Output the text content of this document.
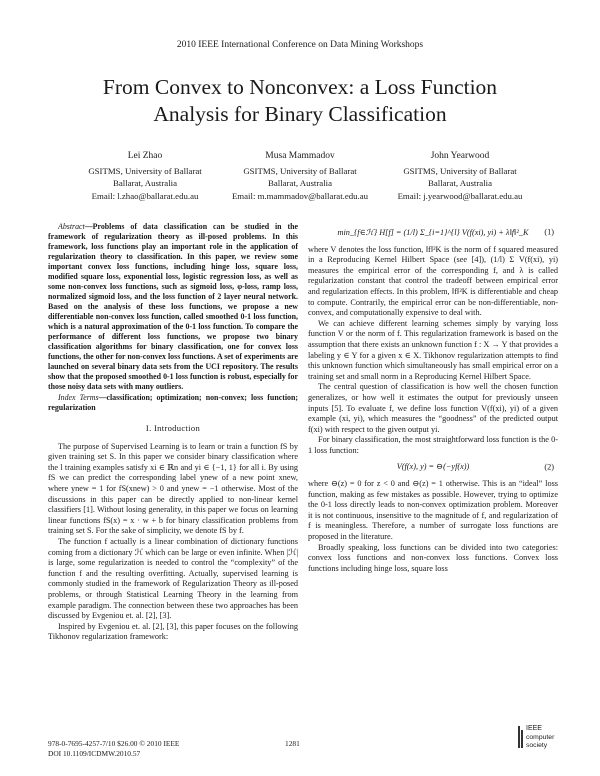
2010 IEEE International Conference on Data Mining Workshops
From Convex to Nonconvex: a Loss Function
Analysis for Binary Classification
Lei Zhao
GSITMS, University of Ballarat
Ballarat, Australia
Email: l.zhao@ballarat.edu.au
Musa Mammadov
GSITMS, University of Ballarat
Ballarat, Australia
Email: m.mammadov@ballarat.edu.au
John Yearwood
GSITMS, University of Ballarat
Ballarat, Australia
Email: j.yearwood@ballarat.edu.au

Abstract—Problems of data classification can be studied in the framework of regularization theory as ill-posed problems. In this framework, loss functions play an important role in the application of regularization theory to classification. In this paper, we review some important convex loss functions, including hinge loss, square loss, modified square loss, exponential loss, logistic regression loss, as well as some non-convex loss functions, such as sigmoid loss, φ-loss, ramp loss, normalized sigmoid loss, and the loss function of 2 layer neural network. Based on the analysis of these loss functions, we propose a new differentiable non-convex loss function, called smoothed 0-1 loss function, which is a natural approximation of the 0-1 loss function. To compare the performance of different loss functions, we propose two binary classification algorithms for binary classification, one for convex loss functions, the other for non-convex loss functions. A set of experiments are launched on several binary data sets from the UCI repository. The results show that the proposed smoothed 0-1 loss function is robust, especially for those noisy data sets with many outliers.

Index Terms—classification; optimization; non-convex; loss function; regularization

I. Introduction

The purpose of Supervised Learning is to learn or train a function fS by given training set S. In this paper we consider binary classification where the l training examples satisfy xi ∈ ℝn and yi ∈ {−1, 1} for all i. By using fS we can predict the corresponding label ynew of a new point xnew, where ynew = 1 for fS(xnew) > 0 and ynew = −1 otherwise. Most of the discussions in this paper can be directly applied to non-linear kernel classifiers [1]. Without losing generality, in this paper we focus on learning linear functions fS(x) = x · w + b for binary classification problems from training set S. For the sake of simplicity, we denote fS by f.

The function f actually is a linear combination of dictionary functions coming from a dictionary ℋ which can be large or even infinite. When |ℋ| is large, some regularization is needed to control the “complexity” of the function f and the resulting overfitting. Actually, supervised learning is commonly studied in the framework of Regularization Theory as ill-posed problems, or through Statistical Learning Theory in the learning from example paradigm. The connection between these two approaches has been discussed by Evgeniou et. al. [2], [3].

Inspired by Evgeniou et. al. [2], [3], this paper focuses on the following Tikhonov regularization framework:

min_{f∈ℋ} H[f] = (1/l) Σ_{i=1}^{l} V(f(xi), yi) + λ‖f‖²_K (1)

where V denotes the loss function, ‖f‖²K is the norm of f squared measured in a Reproducing Kernel Hilbert Space (see [4]), (1/l) Σ V(f(xi), yi) measures the empirical error of the corresponding f, and λ is called regularization constant that control the tradeoff between empirical error and regularization effects. In this problem, ‖f‖²K is differentiable and cheap to compute. Contrarily, the empirical error can be non-differentiable, non-convex, and computationally expensive to deal with.

We can achieve different learning schemes simply by varying loss function V or the norm of f. This regularization framework is based on the assumption that there exists an unknown function f : X → Y that provides a labeling y ∈ Y for a given x ∈ X. Tikhonov regularization attempts to find this unknown function which simultaneously has small empirical error on a training set and small norm in a Reproducing Kernel Hilbert Space.

The central question of classification is how well the chosen function generalizes, or how well it estimates the output for previously unseen inputs [5]. To evaluate f, we define loss function V(f(xi), yi) of a given example (xi, yi), which measures the “goodness” of the predicted output f(xi) with respect to the given output yi.

For binary classification, the most straightforward loss function is the 0-1 loss function:

V(f(x), y) = ⊖(−yf(x))	(2)

where ⊖(z) = 0 for z < 0 and ⊖(z) = 1 otherwise. This is an “ideal” loss function, making as few mistakes as possible. However, trying to optimize the 0-1 loss directly leads to non-convex optimization problem. Moreover it is not continuous, insensitive to the magnitude of f, and regularization of f is meaningless. Therefore, a number of surrogate loss functions are proposed in the literature.

Broadly speaking, loss functions can be divided into two categories: convex loss functions and non-convex loss functions. Convex loss functions including hinge loss, square loss

978-0-7695-4257-7/10 $26.00 © 2010 IEEE
DOI 10.1109/ICDMW.2010.57
1281
IEEE
computer
society
